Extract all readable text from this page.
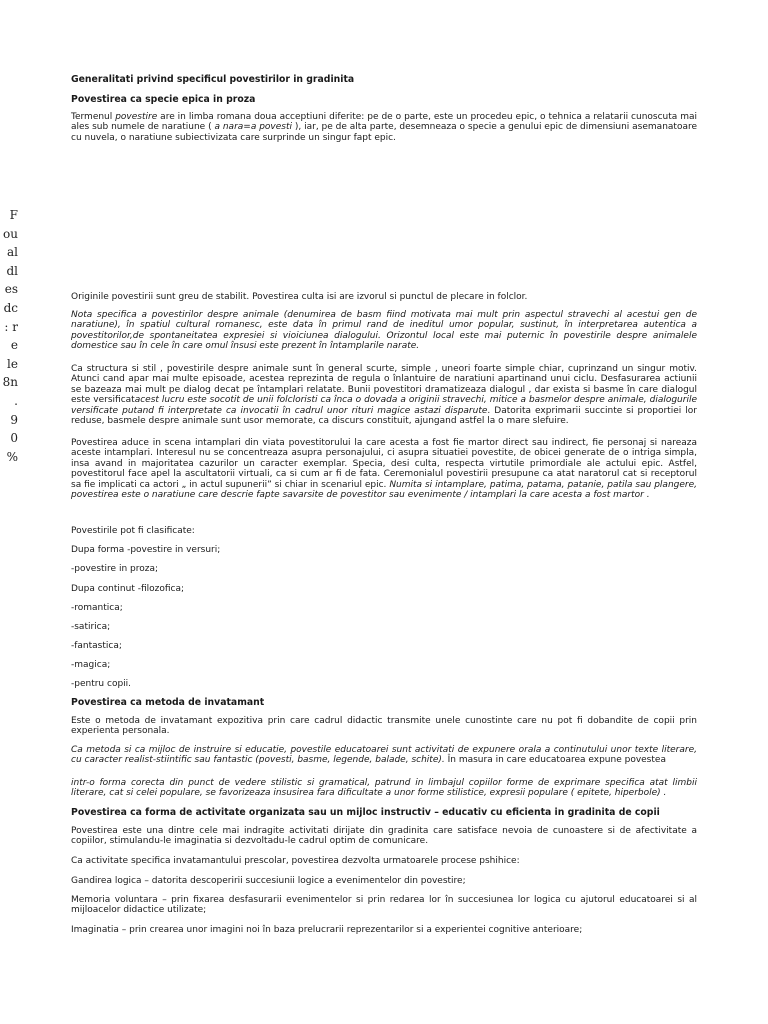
F
ou
al
dl
es
dc
: r
e
le
8n
.
9
0
%

Generalitati privind specificul povestirilor in gradinita

Povestirea ca specie epica in proza

Termenul povestire are in limba romana doua acceptiuni diferite: pe de o parte, este un procedeu epic, o tehnica a relatarii cunoscuta mai ales sub numele de naratiune ( a nara=a povesti ), iar, pe de alta parte, desemneaza o specie a genului epic de dimensiuni asemanatoare cu nuvela, o naratiune subiectivizata care surprinde un singur fapt epic.

Originile povestirii sunt greu de stabilit. Povestirea culta isi are izvorul si punctul de plecare in folclor.

Nota specifica a povestirilor despre animale (denumirea de basm fiind motivata mai mult prin aspectul stravechi al acestui gen de naratiune), în spatiul cultural romanesc, este data în primul rand de ineditul umor popular, sustinut, în interpretarea autentica a povestitorilor,de spontaneitatea expresiei si vioiciunea dialogului. Orizontul local este mai puternic în povestirile despre animalele domestice sau în cele în care omul însusi este prezent în întamplarile narate.

Ca structura si stil , povestirile despre animale sunt în general scurte, simple , uneori foarte simple chiar, cuprinzand un singur motiv. Atunci cand apar mai multe episoade, acestea reprezinta de regula o înlantuire de naratiuni apartinand unui ciclu. Desfasurarea actiunii se bazeaza mai mult pe dialog decat pe întamplari relatate. Bunii povestitori dramatizeaza dialogul , dar exista si basme în care dialogul este versificatacest lucru este socotit de unii folcloristi ca înca o dovada a originii stravechi, mitice a basmelor despre animale, dialogurile versificate putand fi interpretate ca invocatii în cadrul unor rituri magice astazi disparute. Datorita exprimarii succinte si proportiei lor reduse, basmele despre animale sunt usor memorate, ca discurs constituit, ajungand astfel la o mare slefuire.

Povestirea aduce in scena intamplari din viata povestitorului la care acesta a fost fie martor direct sau indirect, fie personaj si nareaza aceste intamplari. Interesul nu se concentreaza asupra personajului, ci asupra situatiei povestite, de obicei generate de o intriga simpla, insa avand in majoritatea cazurilor un caracter exemplar. Specia, desi culta, respecta virtutile primordiale ale actului epic. Astfel, povestitorul face apel la ascultatorii virtuali, ca si cum ar fi de fata. Ceremonialul povestirii presupune ca atat naratorul cat si receptorul sa fie implicati ca actori „ in actul supunerii” si chiar in scenariul epic. Numita si intamplare, patima, patama, patanie, patila sau plangere, povestirea este o naratiune care descrie fapte savarsite de povestitor sau evenimente / intamplari la care acesta a fost martor .

Povestirile pot fi clasificate:

Dupa forma -povestire in versuri;

-povestire in proza;

Dupa continut -filozofica;

-romantica;

-satirica;

-fantastica;

-magica;

-pentru copii.

Povestirea ca metoda de invatamant

Este o metoda de invatamant expozitiva prin care cadrul didactic transmite unele cunostinte care nu pot fi dobandite de copii prin experienta personala.

Ca metoda si ca mijloc de instruire si educatie, povestile educatoarei sunt activitati de expunere orala a continutului unor texte literare, cu caracter realist-stiintific sau fantastic (povesti, basme, legende, balade, schite). În masura in care educatoarea expune povestea

intr-o forma corecta din punct de vedere stilistic si gramatical, patrund in limbajul copiilor forme de exprimare specifica atat limbii literare, cat si celei populare, se favorizeaza insusirea fara dificultate a unor forme stilistice, expresii populare ( epitete, hiperbole) .

Povestirea ca forma de activitate organizata sau un mijloc instructiv – educativ cu eficienta in gradinita de copii

Povestirea este una dintre cele mai indragite activitati dirijate din gradinita care satisface nevoia de cunoastere si de afectivitate a copiilor, stimulandu-le imaginatia si dezvoltadu-le cadrul optim de comunicare.

Ca activitate specifica invatamantului prescolar, povestirea dezvolta urmatoarele procese pshihice:

Gandirea logica – datorita descoperirii succesiunii logice a evenimentelor din povestire;

Memoria voluntara – prin fixarea desfasurarii evenimentelor si prin redarea lor în succesiunea lor logica cu ajutorul educatoarei si al mijloacelor didactice utilizate;

Imaginatia – prin crearea unor imagini noi în baza prelucrarii reprezentarilor si a experientei cognitive anterioare;
